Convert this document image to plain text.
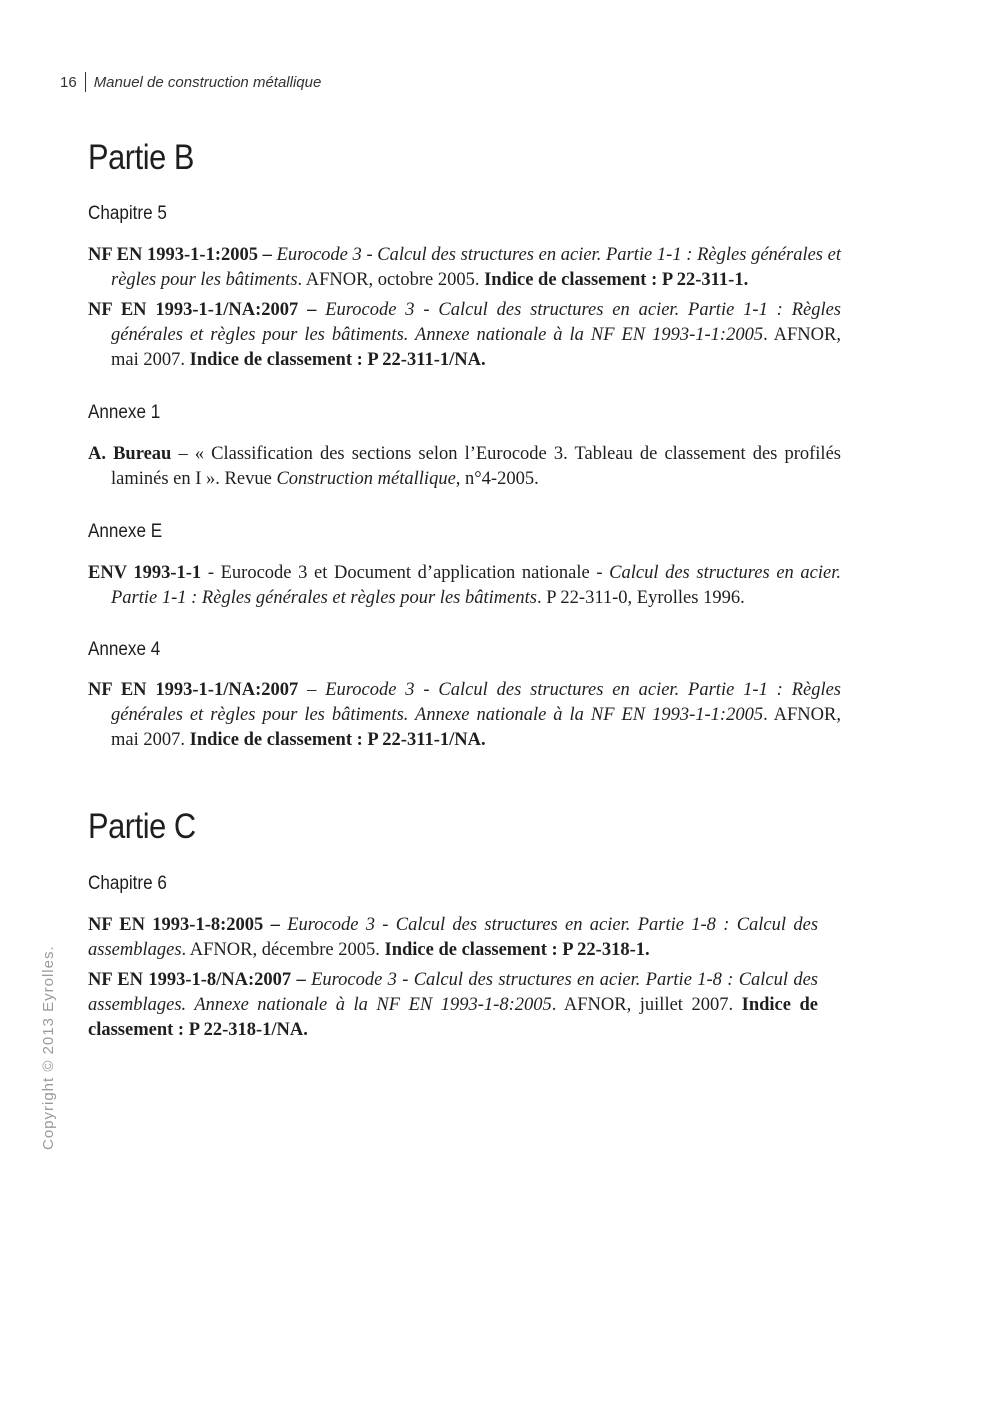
16	Manuel de construction métallique
Partie B
Chapitre 5

NF EN 1993-1-1:2005 – Eurocode 3 - Calcul des structures en acier. Partie 1-1 : Règles générales et règles pour les bâtiments. AFNOR, octobre 2005. Indice de classement : P 22-311-1.

NF EN 1993-1-1/NA:2007 – Eurocode 3 - Calcul des structures en acier. Partie 1-1 : Règles générales et règles pour les bâtiments. Annexe nationale à la NF EN 1993-1-1:2005. AFNOR, mai 2007. Indice de classement : P 22-311-1/NA.

Annexe 1

A. Bureau – « Classification des sections selon l’Eurocode 3. Tableau de classement des profilés laminés en I ». Revue Construction métallique, n°4-2005.

Annexe E

ENV 1993-1-1 - Eurocode 3 et Document d’application nationale - Calcul des structures en acier. Partie 1-1 : Règles générales et règles pour les bâtiments. P 22-311-0, Eyrolles 1996.

Annexe 4

NF EN 1993-1-1/NA:2007 – Eurocode 3 - Calcul des structures en acier. Partie 1-1 : Règles générales et règles pour les bâtiments. Annexe nationale à la NF EN 1993-1-1:2005. AFNOR, mai 2007. Indice de classement : P 22-311-1/NA.

Partie C
Chapitre 6

NF EN 1993-1-8:2005 – Eurocode 3 - Calcul des structures en acier. Partie 1-8 : Calcul des assemblages. AFNOR, décembre 2005. Indice de classement : P 22-318-1.

NF EN 1993-1-8/NA:2007 – Eurocode 3 - Calcul des structures en acier. Partie 1-8 : Calcul des assemblages. Annexe nationale à la NF EN 1993-1-8:2005. AFNOR, juillet 2007. Indice de classement : P 22-318-1/NA.

Copyright © 2013 Eyrolles.
